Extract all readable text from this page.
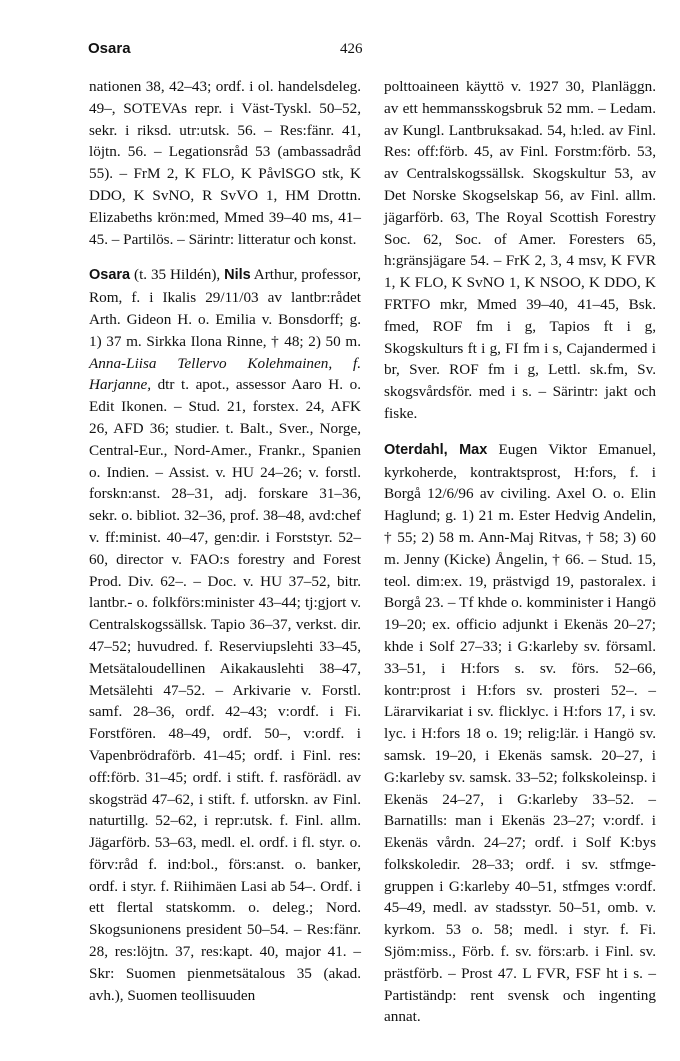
Osara	426

nationen 38, 42–43; ordf. i ol. handelsdeleg. 49–, SOTEVAs repr. i Väst-Tyskl. 50–52, sekr. i riksd. utr:utsk. 56. – Res:fänr. 41, löjtn. 56. – Legationsråd 53 (ambassadråd 55). – FrM 2, K FLO, K PåvlSGO stk, K DDO, K SvNO, R SvVO 1, HM Drottn. Elizabeths krön:med, Mmed 39–40 ms, 41–45. – Partilös. – Särintr: litteratur och konst.

Osara (t. 35 Hildén), Nils Arthur, professor, Rom, f. i Ikalis 29/11/03 av lantbr:rådet Arth. Gideon H. o. Emilia v. Bonsdorff; g. 1) 37 m. Sirkka Ilona Rinne, † 48; 2) 50 m. Anna-Liisa Tellervo Kolehmainen, f. Harjanne, dtr t. apot., assessor Aaro H. o. Edit Ikonen. – Stud. 21, forstex. 24, AFK 26, AFD 36; studier. t. Balt., Sver., Norge, Central-Eur., Nord-Amer., Frankr., Spanien o. Indien. – Assist. v. HU 24–26; v. forstl. forskn:anst. 28–31, adj. forskare 31–36, sekr. o. bibliot. 32–36, prof. 38–48, avd:chef v. ff:minist. 40–47, gen:dir. i Forststyr. 52–60, director v. FAO:s forestry and Forest Prod. Div. 62–. – Doc. v. HU 37–52, bitr. lantbr.- o. folkförs:minister 43–44; tj:gjort v. Centralskogssällsk. Tapio 36–37, verkst. dir. 47–52; huvudred. f. Reserviupslehti 33–45, Metsätaloudellinen Aikakauslehti 38–47, Metsälehti 47–52. – Arkivarie v. Forstl. samf. 28–36, ordf. 42–43; v:ordf. i Fi. Forstfören. 48–49, ordf. 50–, v:ordf. i Vapenbrödraförb. 41–45; ordf. i Finl. res: off:förb. 31–45; ordf. i stift. f. rasförädl. av skogsträd 47–62, i stift. f. utforskn. av Finl. naturtillg. 52–62, i repr:utsk. f. Finl. allm. Jägarförb. 53–63, medl. el. ordf. i fl. styr. o. förv:råd f. ind:bol., förs:anst. o. banker, ordf. i styr. f. Riihimäen Lasi ab 54–. Ordf. i ett flertal statskomm. o. deleg.; Nord. Skogsunionens president 50–54. – Res:fänr. 28, res:löjtn. 37, res:kapt. 40, major 41. – Skr: Suomen pienmetsätalous 35 (akad. avh.), Suomen teollisuuden

polttoaineen käyttö v. 1927 30, Planläggn. av ett hemmansskogsbruk 52 mm. – Ledam. av Kungl. Lantbruksakad. 54, h:led. av Finl. Res: off:förb. 45, av Finl. Forstm:förb. 53, av Centralskogssällsk. Skogskultur 53, av Det Norske Skogselskap 56, av Finl. allm. jägarförb. 63, The Royal Scottish Forestry Soc. 62, Soc. of Amer. Foresters 65, h:gränsjägare 54. – FrK 2, 3, 4 msv, K FVR 1, K FLO, K SvNO 1, K NSOO, K DDO, K FRTFO mkr, Mmed 39–40, 41–45, Bsk. fmed, ROF fm i g, Tapios ft i g, Skogskulturs ft i g, FI fm i s, Cajandermed i br, Sver. ROF fm i g, Lettl. sk.fm, Sv. skogsvårdsför. med i s. – Särintr: jakt och fiske.

Oterdahl, Max Eugen Viktor Emanuel, kyrkoherde, kontraktsprost, H:fors, f. i Borgå 12/6/96 av civiling. Axel O. o. Elin Haglund; g. 1) 21 m. Ester Hedvig Andelin, † 55; 2) 58 m. Ann-Maj Ritvas, † 58; 3) 60 m. Jenny (Kicke) Ångelin, † 66. – Stud. 15, teol. dim:ex. 19, prästvigd 19, pastoralex. i Borgå 23. – Tf khde o. komminister i Hangö 19–20; ex. officio adjunkt i Ekenäs 20–27; khde i Solf 27–33; i G:karleby sv. församl. 33–51, i H:fors s. sv. förs. 52–66, kontr:prost i H:fors sv. prosteri 52–. – Lärarvikariat i sv. flicklyc. i H:fors 17, i sv. lyc. i H:fors 18 o. 19; relig:lär. i Hangö sv. samsk. 19–20, i Ekenäs samsk. 20–27, i G:karleby sv. samsk. 33–52; folkskoleinsp. i Ekenäs 24–27, i G:karleby 33–52. – Barnatills: man i Ekenäs 23–27; v:ordf. i Ekenäs vårdn. 24–27; ordf. i Solf K:bys folkskoledir. 28–33; ordf. i sv. stfmge-gruppen i G:karleby 40–51, stfmges v:ordf. 45–49, medl. av stadsstyr. 50–51, omb. v. kyrkom. 53 o. 58; medl. i styr. f. Fi. Sjöm:miss., Förb. f. sv. förs:arb. i Finl. sv. prästförb. – Prost 47. L FVR, FSF ht i s. – Partiständp: rent svensk och ingenting annat.
